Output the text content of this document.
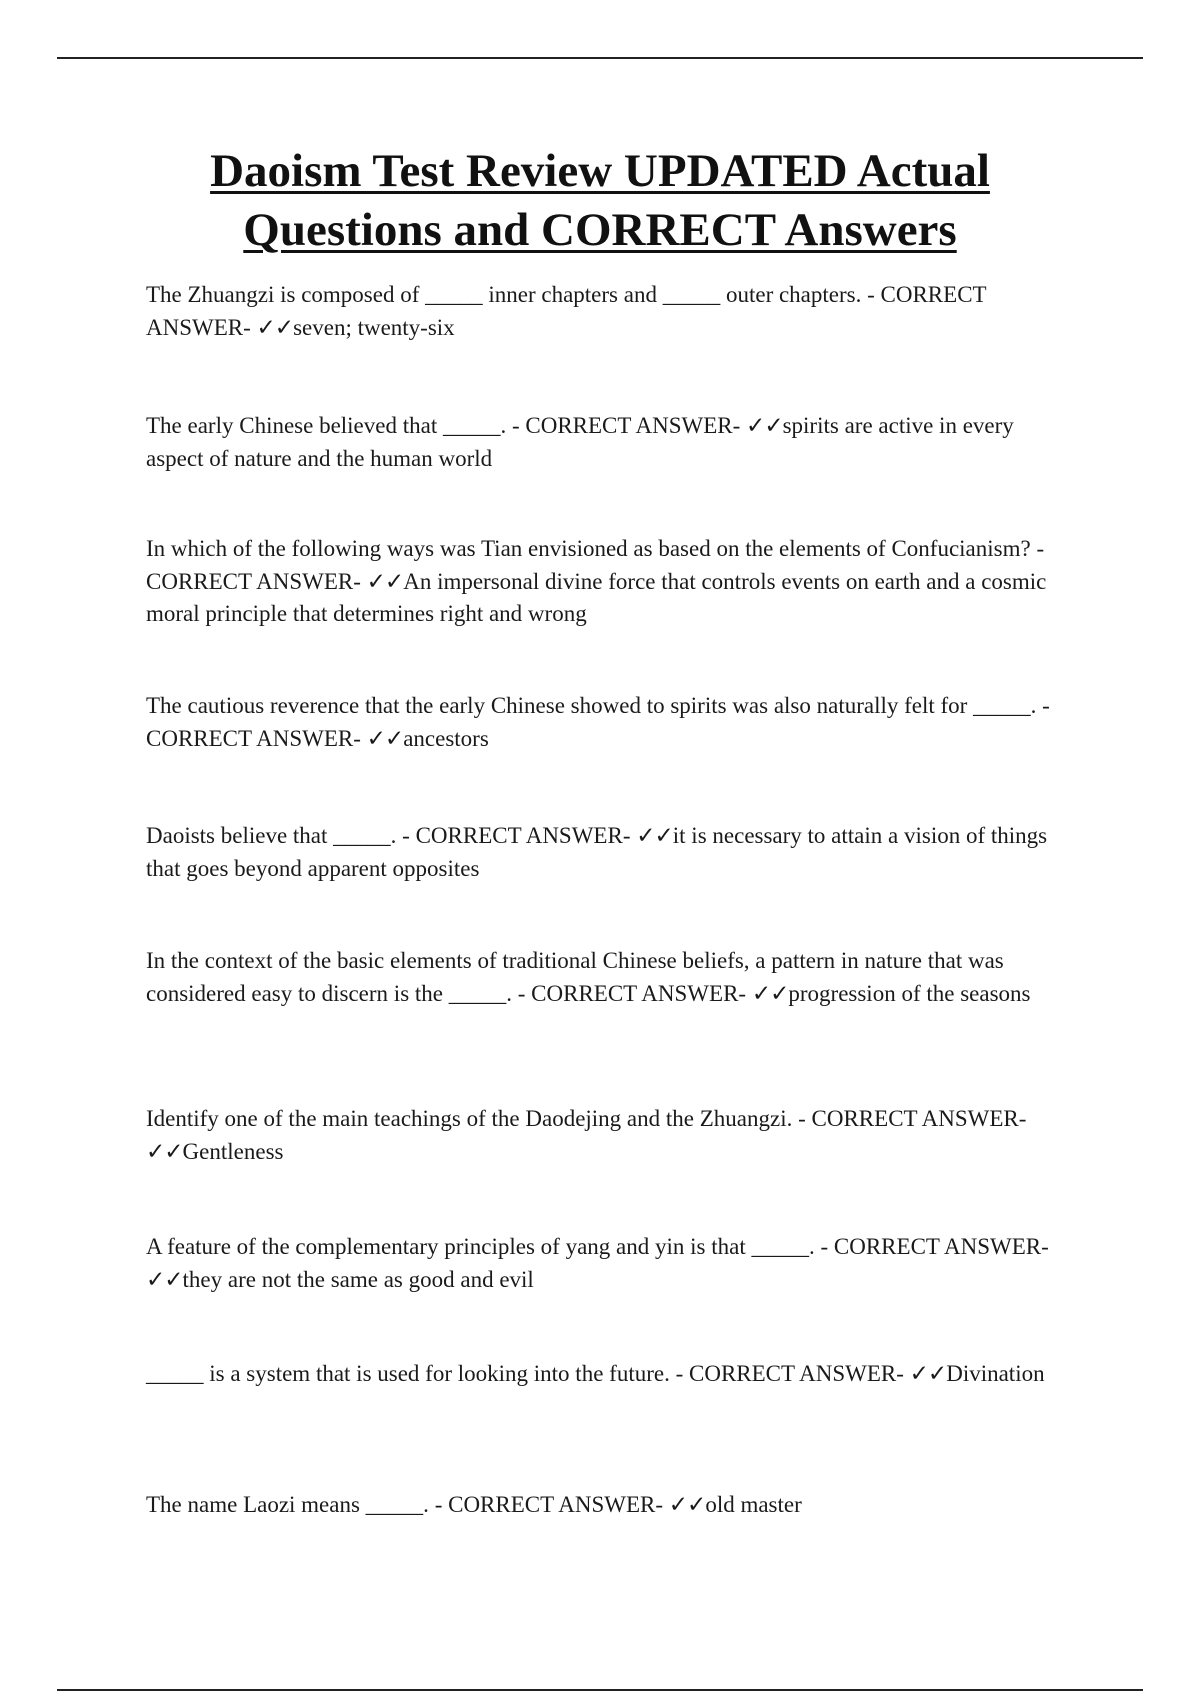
Daoism Test Review UPDATED Actual
Questions and CORRECT Answers

The Zhuangzi is composed of _____ inner chapters and _____ outer chapters. - CORRECT ANSWER- ✓✓seven; twenty-six

The early Chinese believed that _____. - CORRECT ANSWER- ✓✓spirits are active in every aspect of nature and the human world

In which of the following ways was Tian envisioned as based on the elements of Confucianism? - CORRECT ANSWER- ✓✓An impersonal divine force that controls events on earth and a cosmic moral principle that determines right and wrong

The cautious reverence that the early Chinese showed to spirits was also naturally felt for _____. - CORRECT ANSWER- ✓✓ancestors

Daoists believe that _____. - CORRECT ANSWER- ✓✓it is necessary to attain a vision of things that goes beyond apparent opposites

In the context of the basic elements of traditional Chinese beliefs, a pattern in nature that was considered easy to discern is the _____. - CORRECT ANSWER- ✓✓progression of the seasons

Identify one of the main teachings of the Daodejing and the Zhuangzi. - CORRECT ANSWER- ✓✓Gentleness

A feature of the complementary principles of yang and yin is that _____. - CORRECT ANSWER- ✓✓they are not the same as good and evil

_____ is a system that is used for looking into the future. - CORRECT ANSWER- ✓✓Divination

The name Laozi means _____. - CORRECT ANSWER- ✓✓old master
